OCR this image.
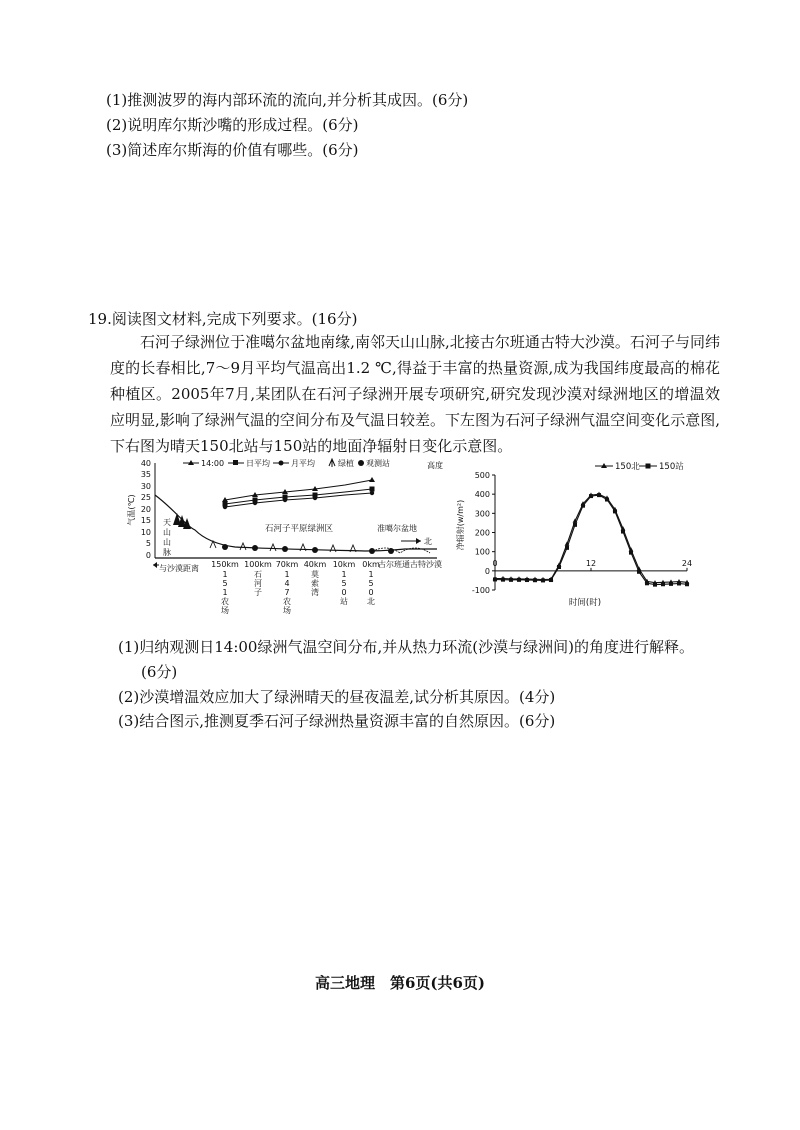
(1)推测波罗的海内部环流的流向,并分析其成因。(6分)
(2)说明库尔斯沙嘴的形成过程。(6分)
(3)简述库尔斯海的价值有哪些。(6分)
19.阅读图文材料,完成下列要求。(16分)
石河子绿洲位于准噶尔盆地南缘,南邻天山山脉,北接古尔班通古特大沙漠。石河子与同纬度的长春相比,7～9月平均气温高出1.2 ℃,得益于丰富的热量资源,成为我国纬度最高的棉花种植区。2005年7月,某团队在石河子绿洲开展专项研究,研究发现沙漠对绿洲地区的增温效应明显,影响了绿洲气温的空间分布及气温日较差。下左图为石河子绿洲气温空间变化示意图,下右图为晴天150北站与150站的地面净辐射日变化示意图。
40
35
30
25
20
15
10
5
0
气温(℃)
14:00	日平均	月平均	绿植 观测站	高度
天
山
山
脉
石河子平原绿洲区	准噶尔盆地
北
与沙漠距离	古尔班通古特沙漠
150km 100km 70km 40km 10km 0km
1
5
1
农
场
石
河
子
1
4
7
农
场
莫
索
湾
1
5
0
站
1
5
0
北
150北 150站
净辐射(w/m²)
时间(时)
500
400
300
200
100
0
-100
0	12	24
(1)归纳观测日14:00绿洲气温空间分布,并从热力环流(沙漠与绿洲间)的角度进行解释。
(6分)
(2)沙漠增温效应加大了绿洲晴天的昼夜温差,试分析其原因。(4分)
(3)结合图示,推测夏季石河子绿洲热量资源丰富的自然原因。(6分)
高三地理　第6页(共6页)
